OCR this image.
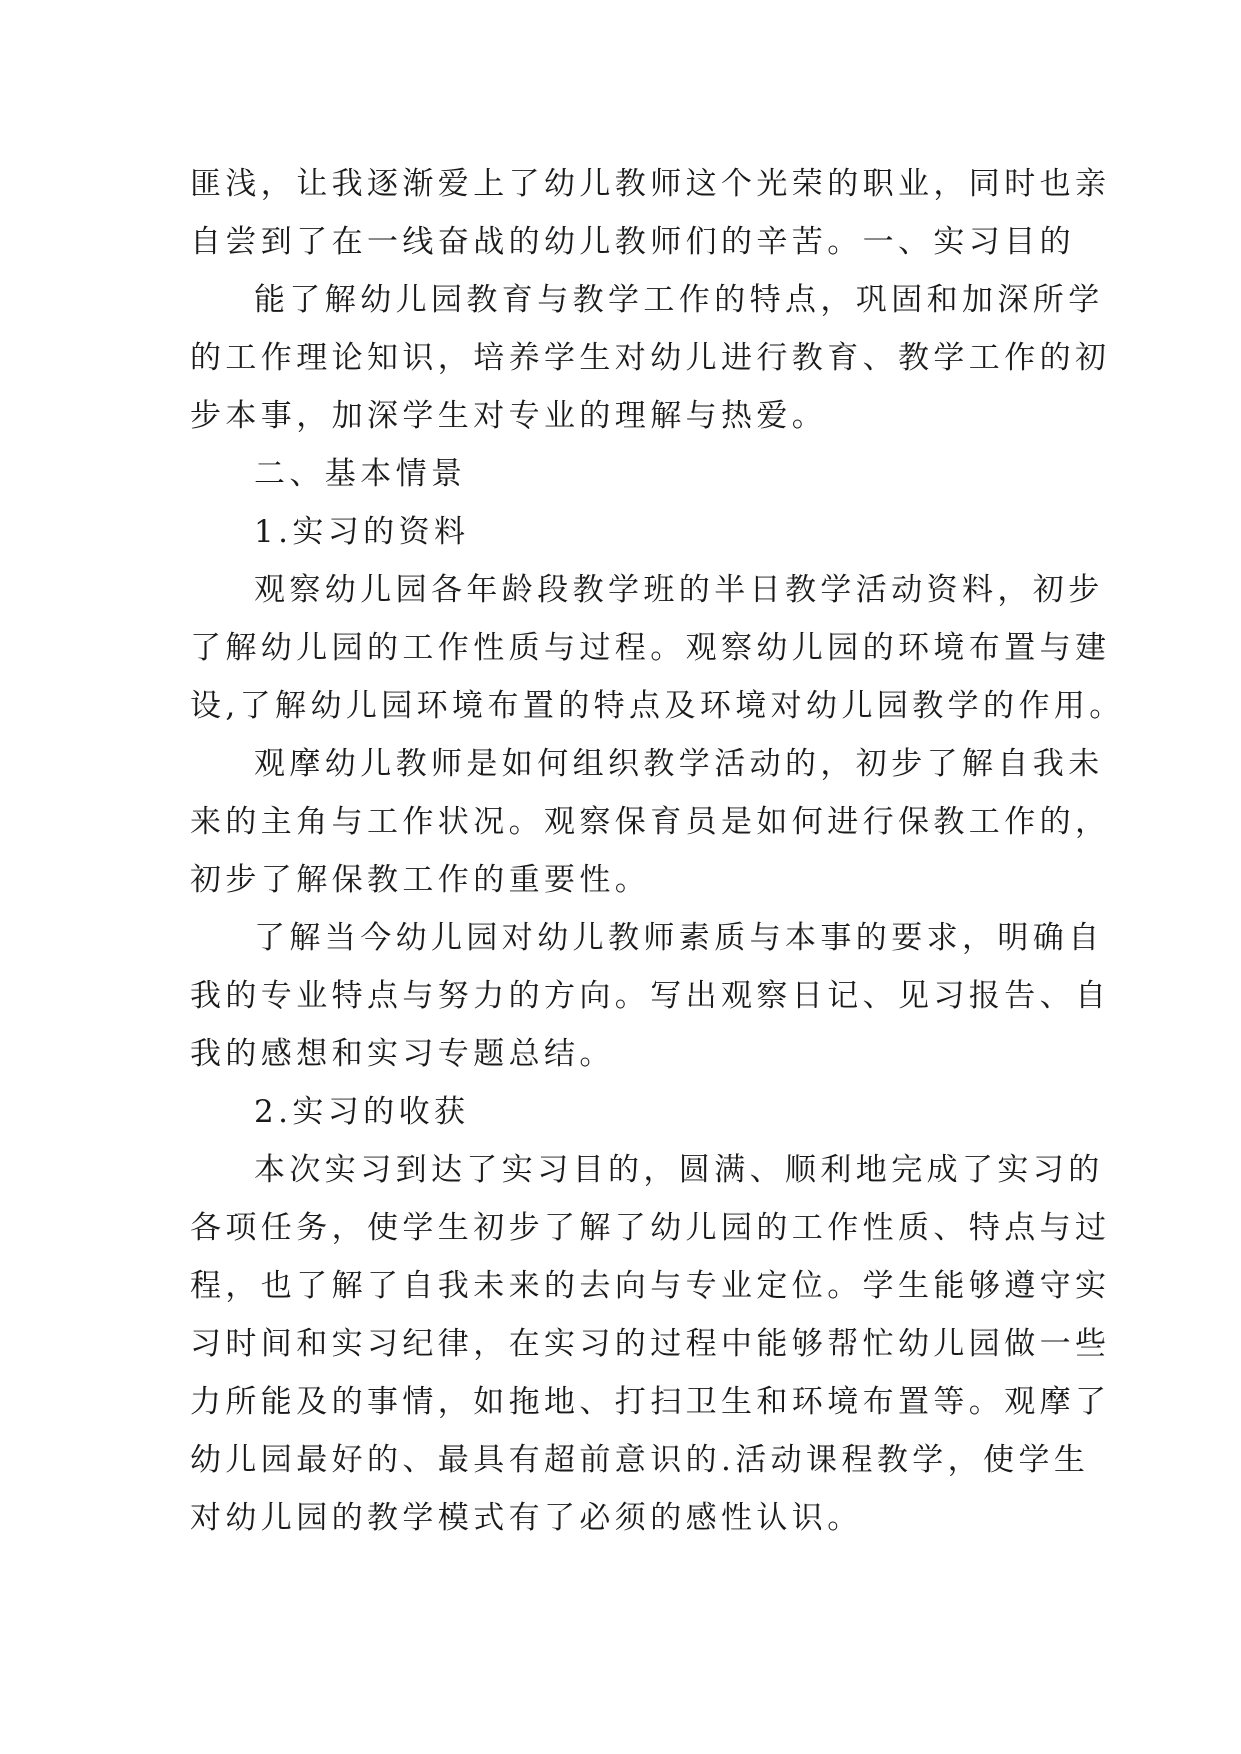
匪浅，让我逐渐爱上了幼儿教师这个光荣的职业，同时也亲
自尝到了在一线奋战的幼儿教师们的辛苦。一、实习目的
能了解幼儿园教育与教学工作的特点，巩固和加深所学
的工作理论知识，培养学生对幼儿进行教育、教学工作的初
步本事，加深学生对专业的理解与热爱。
二、基本情景
1.实习的资料
观察幼儿园各年龄段教学班的半日教学活动资料，初步
了解幼儿园的工作性质与过程。观察幼儿园的环境布置与建
设,了解幼儿园环境布置的特点及环境对幼儿园教学的作用。
观摩幼儿教师是如何组织教学活动的，初步了解自我未
来的主角与工作状况。观察保育员是如何进行保教工作的，
初步了解保教工作的重要性。
了解当今幼儿园对幼儿教师素质与本事的要求，明确自
我的专业特点与努力的方向。写出观察日记、见习报告、自
我的感想和实习专题总结。
2.实习的收获
本次实习到达了实习目的，圆满、顺利地完成了实习的
各项任务，使学生初步了解了幼儿园的工作性质、特点与过
程，也了解了自我未来的去向与专业定位。学生能够遵守实
习时间和实习纪律，在实习的过程中能够帮忙幼儿园做一些
力所能及的事情，如拖地、打扫卫生和环境布置等。观摩了
幼儿园最好的、最具有超前意识的.活动课程教学，使学生
对幼儿园的教学模式有了必须的感性认识。
